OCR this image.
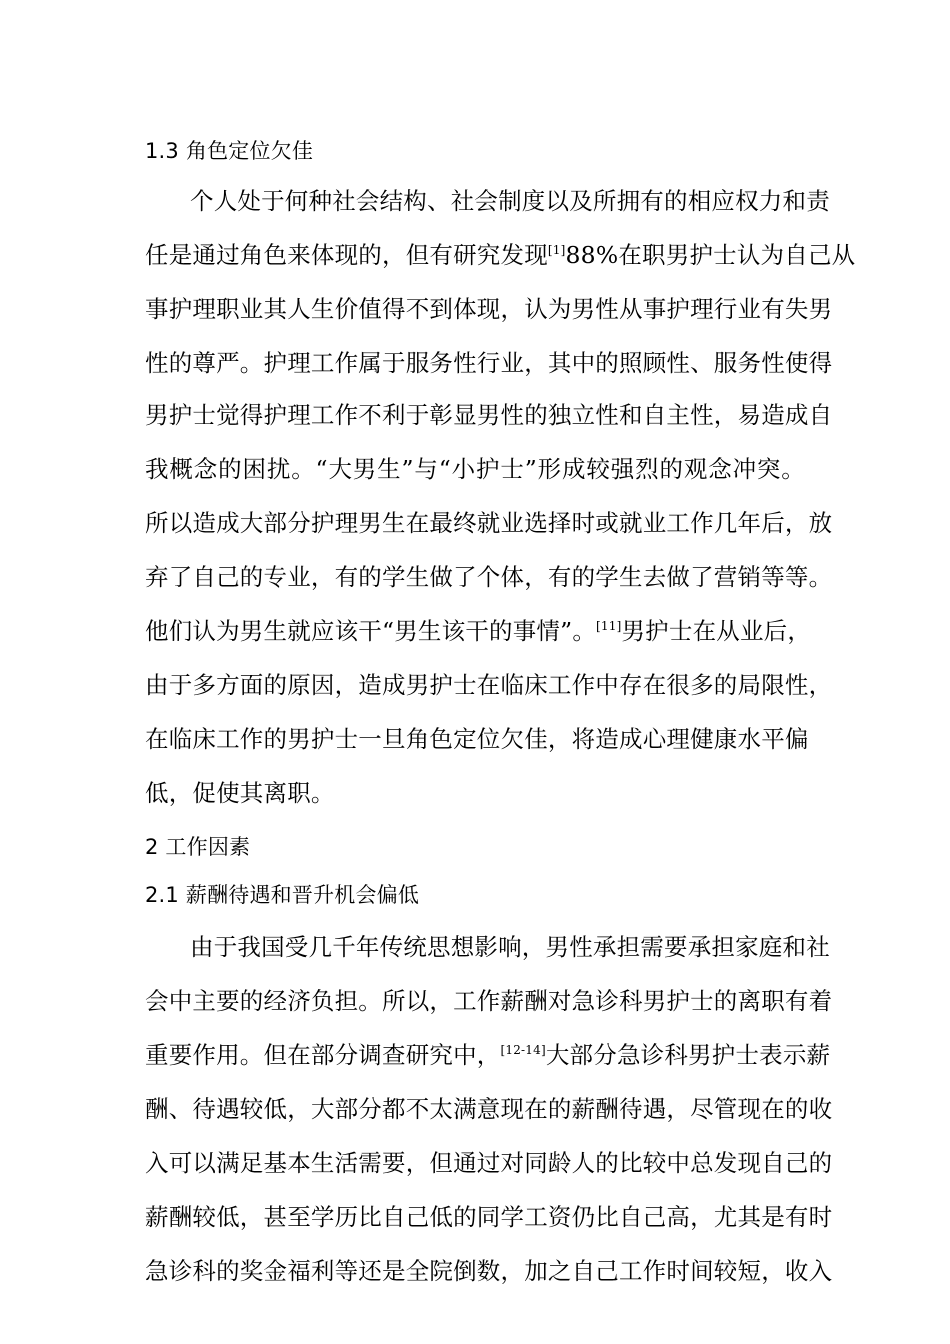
1.3 角色定位欠佳
个人处于何种社会结构、社会制度以及所拥有的相应权力和责
任是通过角色来体现的，但有研究发现[1]88%在职男护士认为自己从
事护理职业其人生价值得不到体现，认为男性从事护理行业有失男
性的尊严。护理工作属于服务性行业，其中的照顾性、服务性使得
男护士觉得护理工作不利于彰显男性的独立性和自主性，易造成自
我概念的困扰。“大男生”与“小护士”形成较强烈的观念冲突。
所以造成大部分护理男生在最终就业选择时或就业工作几年后，放
弃了自己的专业，有的学生做了个体，有的学生去做了营销等等。
他们认为男生就应该干“男生该干的事情”。[11]男护士在从业后，
由于多方面的原因，造成男护士在临床工作中存在很多的局限性，
在临床工作的男护士一旦角色定位欠佳，将造成心理健康水平偏
低，促使其离职。
2 工作因素
2.1 薪酬待遇和晋升机会偏低
由于我国受几千年传统思想影响，男性承担需要承担家庭和社
会中主要的经济负担。所以，工作薪酬对急诊科男护士的离职有着
重要作用。但在部分调查研究中，[12-14]大部分急诊科男护士表示薪
酬、待遇较低，大部分都不太满意现在的薪酬待遇，尽管现在的收
入可以满足基本生活需要，但通过对同龄人的比较中总发现自己的
薪酬较低，甚至学历比自己低的同学工资仍比自己高，尤其是有时
急诊科的奖金福利等还是全院倒数，加之自己工作时间较短，收入
